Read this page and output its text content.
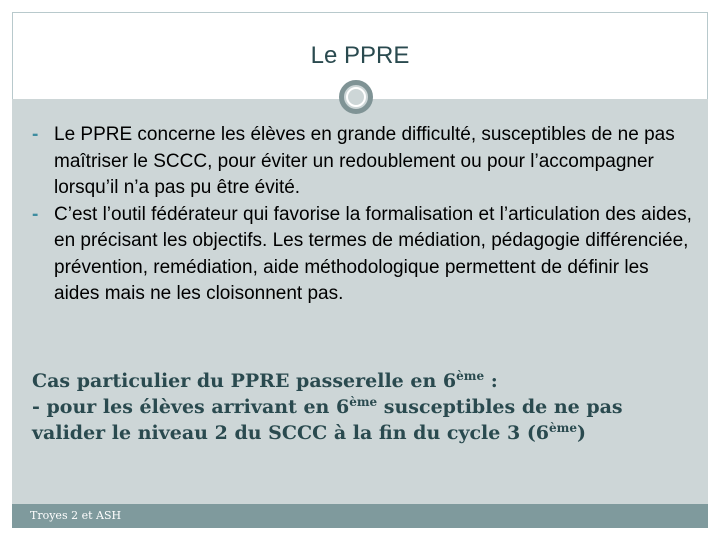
Le PPRE

- Le PPRE concerne les élèves en grande difficulté, susceptibles de ne pas maîtriser le SCCC, pour éviter un redoublement ou pour l’accompagner lorsqu’il n’a pas pu être évité.

- C’est l’outil fédérateur qui favorise la formalisation et l’articulation des aides, en précisant les objectifs. Les termes de médiation, pédagogie différenciée, prévention, remédiation, aide méthodologique permettent de définir les aides mais ne les cloisonnent pas.

Cas particulier du PPRE passerelle en 6ème :
- pour les élèves arrivant en 6ème susceptibles de ne pas valider le niveau 2 du SCCC à la fin du cycle 3 (6ème)
Troyes 2 et ASH
